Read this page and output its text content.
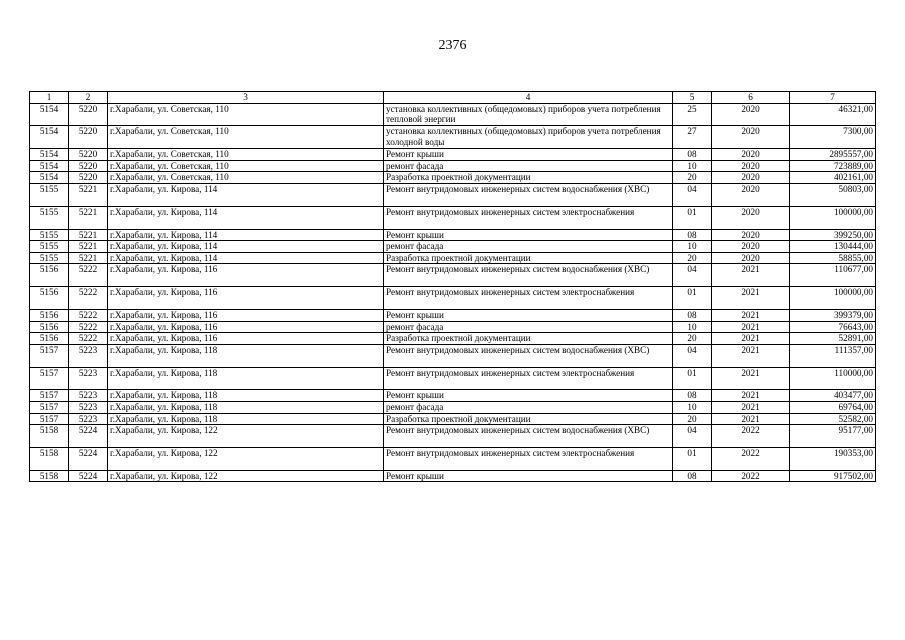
2376
1	2	3	4	5	6	7
5154	5220	г.Харабали, ул. Советская, 110	установка коллективных (общедомовых) приборов учета потребления тепловой энергии	25	2020	46321,00
5154	5220	г.Харабали, ул. Советская, 110	установка коллективных (общедомовых) приборов учета потребления холодной воды	27	2020	7300,00
5154	5220	г.Харабали, ул. Советская, 110	Ремонт крыши	08	2020	2895557,00
5154	5220	г.Харабали, ул. Советская, 110	ремонт фасада	10	2020	723889,00
5154	5220	г.Харабали, ул. Советская, 110	Разработка проектной документации	20	2020	402161,00
5155	5221	г.Харабали, ул. Кирова, 114	Ремонт внутридомовых инженерных систем водоснабжения (ХВС)	04	2020	50803,00
5155	5221	г.Харабали, ул. Кирова, 114	Ремонт внутридомовых инженерных систем электроснабжения	01	2020	100000,00
5155	5221	г.Харабали, ул. Кирова, 114	Ремонт крыши	08	2020	399250,00
5155	5221	г.Харабали, ул. Кирова, 114	ремонт фасада	10	2020	130444,00
5155	5221	г.Харабали, ул. Кирова, 114	Разработка проектной документации	20	2020	58855,00
5156	5222	г.Харабали, ул. Кирова, 116	Ремонт внутридомовых инженерных систем водоснабжения (ХВС)	04	2021	110677,00
5156	5222	г.Харабали, ул. Кирова, 116	Ремонт внутридомовых инженерных систем электроснабжения	01	2021	100000,00
5156	5222	г.Харабали, ул. Кирова, 116	Ремонт крыши	08	2021	399379,00
5156	5222	г.Харабали, ул. Кирова, 116	ремонт фасада	10	2021	76643,00
5156	5222	г.Харабали, ул. Кирова, 116	Разработка проектной документации	20	2021	52891,00
5157	5223	г.Харабали, ул. Кирова, 118	Ремонт внутридомовых инженерных систем водоснабжения (ХВС)	04	2021	111357,00
5157	5223	г.Харабали, ул. Кирова, 118	Ремонт внутридомовых инженерных систем электроснабжения	01	2021	110000,00
5157	5223	г.Харабали, ул. Кирова, 118	Ремонт крыши	08	2021	403477,00
5157	5223	г.Харабали, ул. Кирова, 118	ремонт фасада	10	2021	69764,00
5157	5223	г.Харабали, ул. Кирова, 118	Разработка проектной документации	20	2021	52582,00
5158	5224	г.Харабали, ул. Кирова, 122	Ремонт внутридомовых инженерных систем водоснабжения (ХВС)	04	2022	95177,00
5158	5224	г.Харабали, ул. Кирова, 122	Ремонт внутридомовых инженерных систем электроснабжения	01	2022	190353,00
5158	5224	г.Харабали, ул. Кирова, 122	Ремонт крыши	08	2022	917502,00
